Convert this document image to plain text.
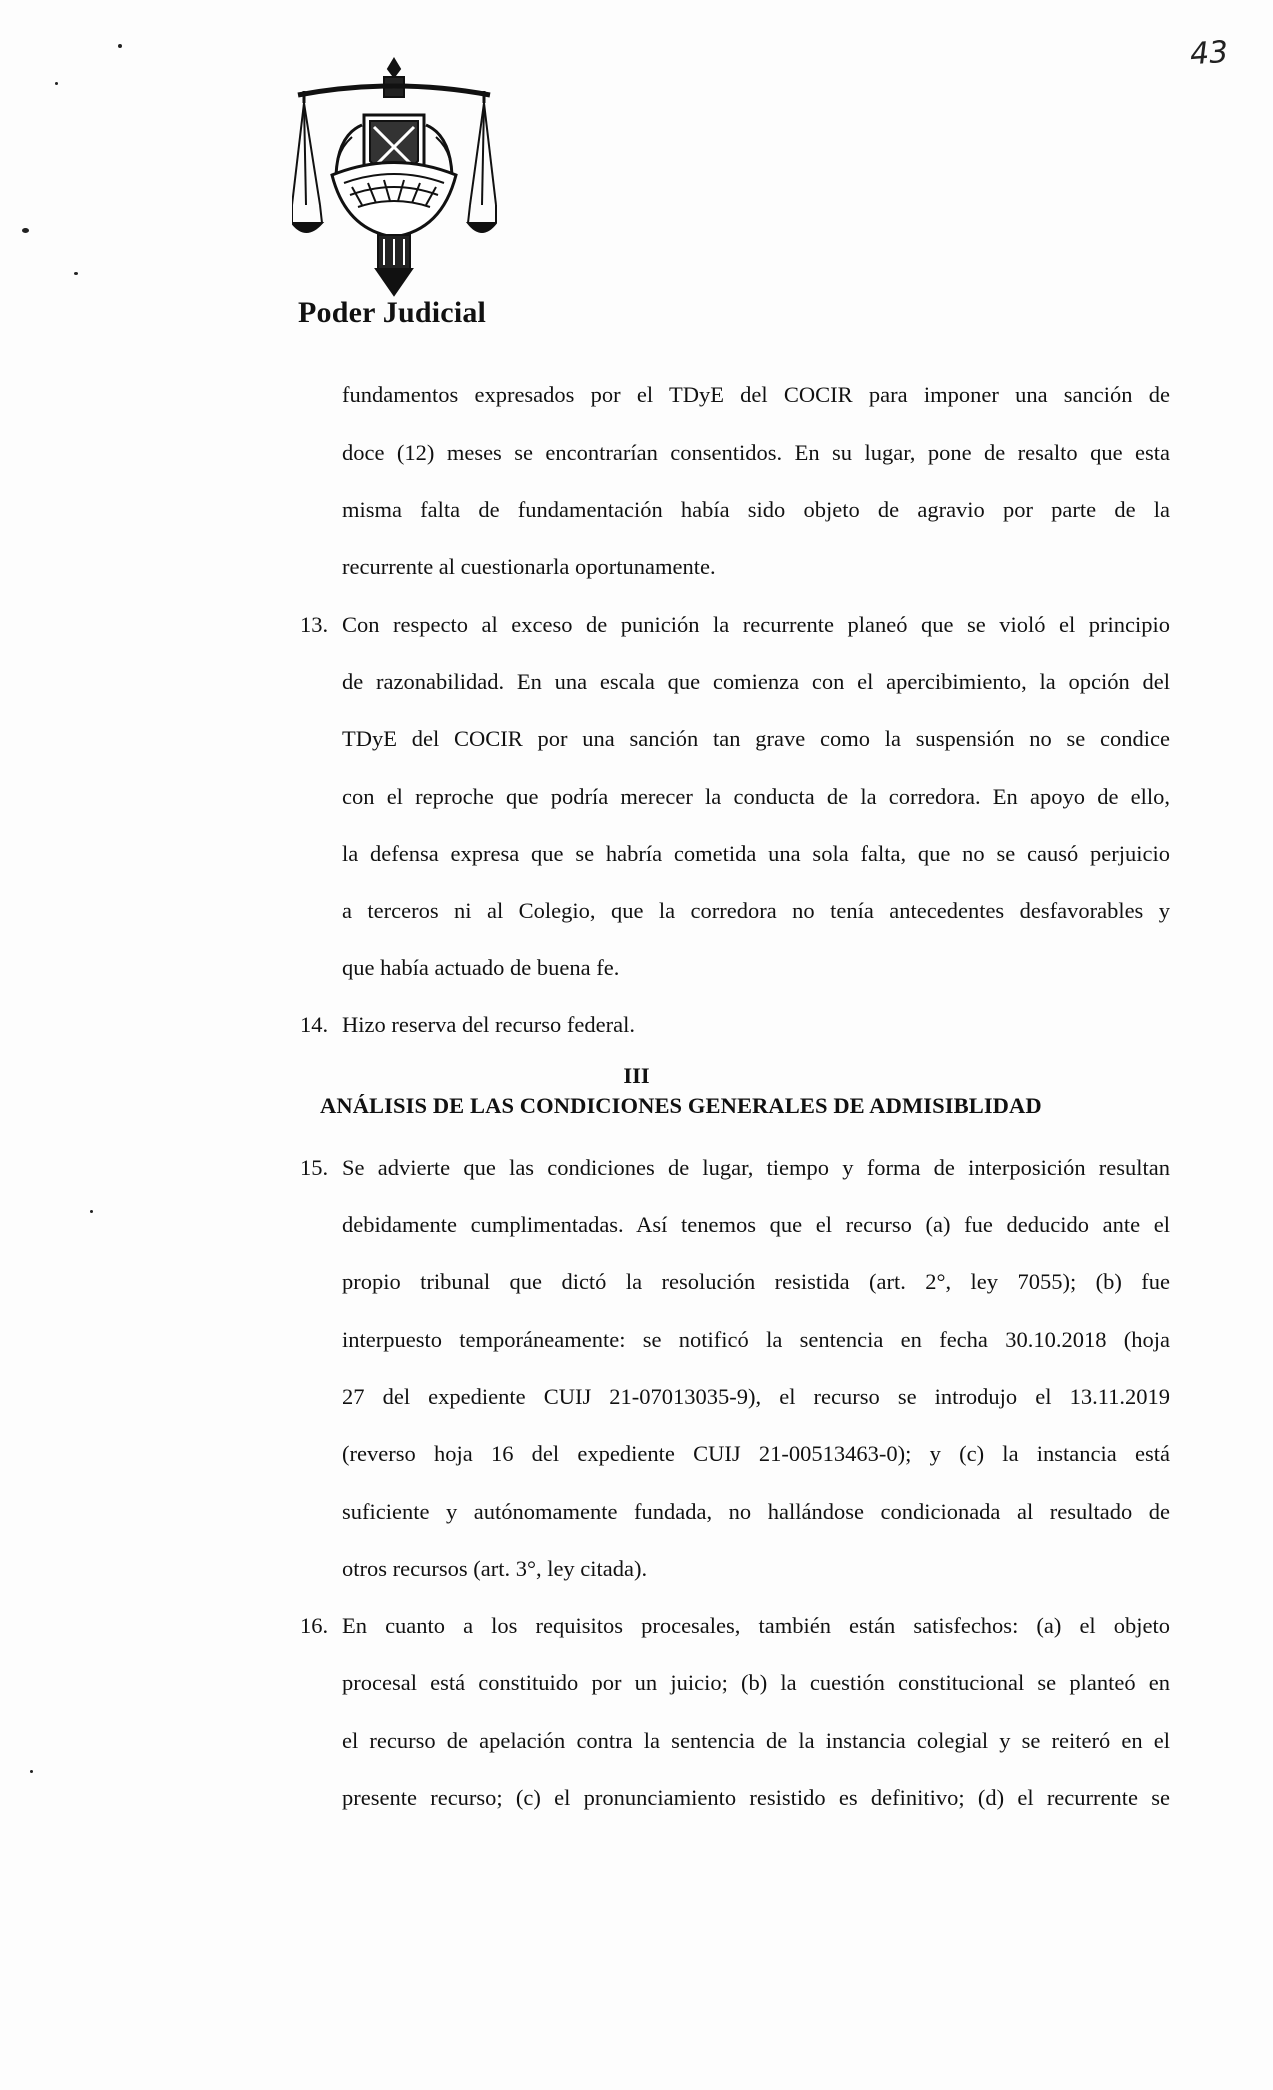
Poder Judicial
43
fundamentos expresados por el TDyE del COCIR para imponer una sanción de
doce (12) meses se encontrarían consentidos. En su lugar, pone de resalto que esta
misma falta de fundamentación había sido objeto de agravio por parte de la
recurrente al cuestionarla oportunamente.
13. Con respecto al exceso de punición la recurrente planeó que se violó el principio
de razonabilidad. En una escala que comienza con el apercibimiento, la opción del
TDyE del COCIR por una sanción tan grave como la suspensión no se condice
con el reproche que podría merecer la conducta de la corredora. En apoyo de ello,
la defensa expresa que se habría cometida una sola falta, que no se causó perjuicio
a terceros ni al Colegio, que la corredora no tenía antecedentes desfavorables y
que había actuado de buena fe.
14. Hizo reserva del recurso federal.
15. Se advierte que las condiciones de lugar, tiempo y forma de interposición resultan
debidamente cumplimentadas. Así tenemos que el recurso (a) fue deducido ante el
propio tribunal que dictó la resolución resistida (art. 2°, ley 7055); (b) fue
interpuesto temporáneamente: se notificó la sentencia en fecha 30.10.2018 (hoja
27 del expediente CUIJ 21-07013035-9), el recurso se introdujo el 13.11.2019
(reverso hoja 16 del expediente CUIJ 21-00513463-0); y (c) la instancia está
suficiente y autónomamente fundada, no hallándose condicionada al resultado de
otros recursos (art. 3°, ley citada).
16. En cuanto a los requisitos procesales, también están satisfechos: (a) el objeto
procesal está constituido por un juicio; (b) la cuestión constitucional se planteó en
el recurso de apelación contra la sentencia de la instancia colegial y se reiteró en el
presente recurso; (c) el pronunciamiento resistido es definitivo; (d) el recurrente se
III
ANÁLISIS DE LAS CONDICIONES GENERALES DE ADMISIBLIDAD
